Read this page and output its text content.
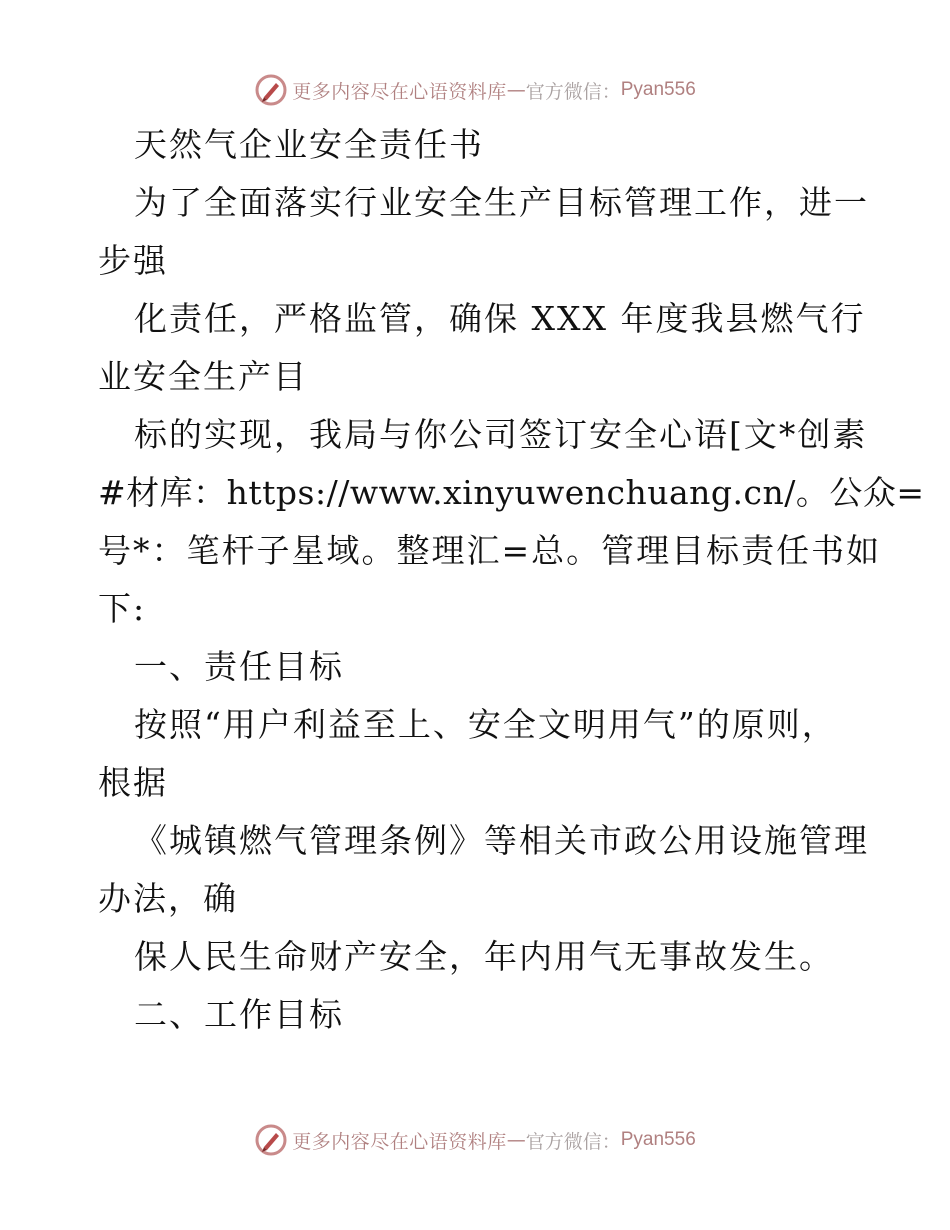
更多内容尽在心语资料库 — 官方微信： Pyan556
天然气企业安全责任书
为了全面落实行业安全生产目标管理工作，进一
步强
化责任，严格监管，确保 XXX 年度我县燃气行
业安全生产目
标的实现，我局与你公司签订安全心语[文*创素
#材库：https://www.xinyuwenchuang.cn/。公众=
号*：笔杆子星域。整理汇=总。管理目标责任书如
下:
一、责任目标
按照“用户利益至上、安全文明用气”的原则，
根据
《城镇燃气管理条例》等相关市政公用设施管理
办法，确
保人民生命财产安全，年内用气无事故发生。
二、工作目标
更多内容尽在心语资料库 — 官方微信： Pyan556
